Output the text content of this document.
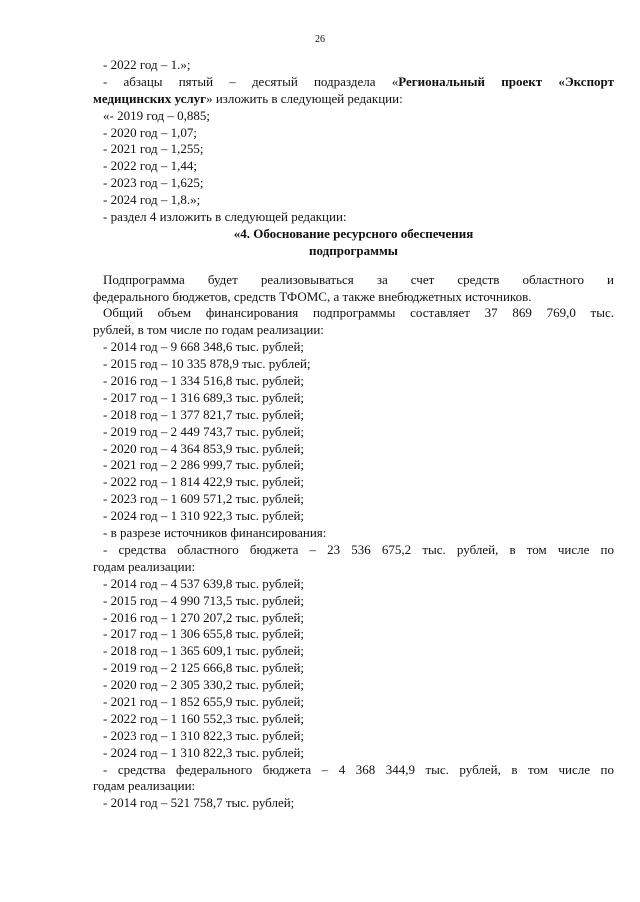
26
- 2022 год – 1.»;
- абзацы пятый – десятый подраздела «Региональный проект «Экспорт
медицинских услуг» изложить в следующей редакции:
«- 2019 год – 0,885;
- 2020 год – 1,07;
- 2021 год – 1,255;
- 2022 год – 1,44;
- 2023 год – 1,625;
- 2024 год – 1,8.»;
- раздел 4 изложить в следующей редакции:
«4. Обоснование ресурсного обеспечения
подпрограммы
Подпрограмма будет реализовываться за счет средств областного и
федерального бюджетов, средств ТФОМС, а также внебюджетных источников.
Общий объем финансирования подпрограммы составляет 37 869 769,0 тыс.
рублей, в том числе по годам реализации:
- 2014 год – 9 668 348,6 тыс. рублей;
- 2015 год – 10 335 878,9 тыс. рублей;
- 2016 год – 1 334 516,8 тыс. рублей;
- 2017 год – 1 316 689,3 тыс. рублей;
- 2018 год – 1 377 821,7 тыс. рублей;
- 2019 год – 2 449 743,7 тыс. рублей;
- 2020 год – 4 364 853,9 тыс. рублей;
- 2021 год – 2 286 999,7 тыс. рублей;
- 2022 год – 1 814 422,9 тыс. рублей;
- 2023 год – 1 609 571,2 тыс. рублей;
- 2024 год – 1 310 922,3 тыс. рублей;
- в разрезе источников финансирования:
- средства областного бюджета – 23 536 675,2 тыс. рублей, в том числе по
годам реализации:
- 2014 год – 4 537 639,8 тыс. рублей;
- 2015 год – 4 990 713,5 тыс. рублей;
- 2016 год – 1 270 207,2 тыс. рублей;
- 2017 год – 1 306 655,8 тыс. рублей;
- 2018 год – 1 365 609,1 тыс. рублей;
- 2019 год – 2 125 666,8 тыс. рублей;
- 2020 год – 2 305 330,2 тыс. рублей;
- 2021 год – 1 852 655,9 тыс. рублей;
- 2022 год – 1 160 552,3 тыс. рублей;
- 2023 год – 1 310 822,3 тыс. рублей;
- 2024 год – 1 310 822,3 тыс. рублей;
- средства федерального бюджета – 4 368 344,9 тыс. рублей, в том числе по
годам реализации:
- 2014 год – 521 758,7 тыс. рублей;
